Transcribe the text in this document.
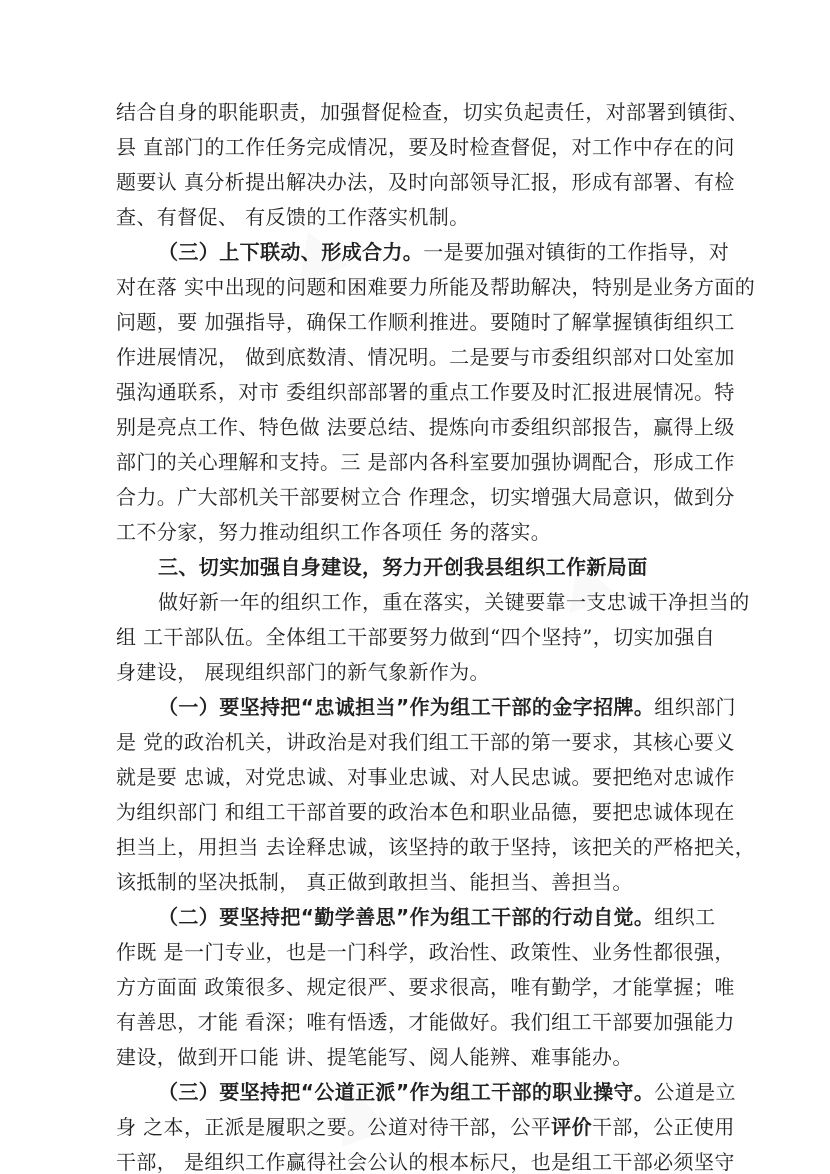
结合自身的职能职责，加强督促检查，切实负起责任，对部署到镇街、
县 直部门的工作任务完成情况，要及时检查督促，对工作中存在的问
题要认 真分析提出解决办法，及时向部领导汇报，形成有部署、有检
查、有督促、 有反馈的工作落实机制。
（三）上下联动、形成合力。一是要加强对镇街的工作指导，对
对在落 实中出现的问题和困难要力所能及帮助解决，特别是业务方面的
问题，要 加强指导，确保工作顺利推进。要随时了解掌握镇街组织工
作进展情况， 做到底数清、情况明。二是要与市委组织部对口处室加
强沟通联系，对市 委组织部部署的重点工作要及时汇报进展情况。特
别是亮点工作、特色做 法要总结、提炼向市委组织部报告，赢得上级
部门的关心理解和支持。三 是部内各科室要加强协调配合，形成工作
合力。广大部机关干部要树立合 作理念，切实增强大局意识，做到分
工不分家，努力推动组织工作各项任 务的落实。
三、切实加强自身建设，努力开创我县组织工作新局面
做好新一年的组织工作，重在落实，关键要靠一支忠诚干净担当的
组 工干部队伍。全体组工干部要努力做到“四个坚持”，切实加强自
身建设， 展现组织部门的新气象新作为。
（一）要坚持把“忠诚担当”作为组工干部的金字招牌。组织部门
是 党的政治机关，讲政治是对我们组工干部的第一要求，其核心要义
就是要 忠诚，对党忠诚、对事业忠诚、对人民忠诚。要把绝对忠诚作
为组织部门 和组工干部首要的政治本色和职业品德，要把忠诚体现在
担当上，用担当 去诠释忠诚，该坚持的敢于坚持，该把关的严格把关，
该抵制的坚决抵制， 真正做到敢担当、能担当、善担当。
（二）要坚持把“勤学善思”作为组工干部的行动自觉。组织工
作既 是一门专业，也是一门科学，政治性、政策性、业务性都很强，
方方面面 政策很多、规定很严、要求很高，唯有勤学，才能掌握；唯
有善思，才能 看深；唯有悟透，才能做好。我们组工干部要加强能力
建设，做到开口能 讲、提笔能写、阅人能辨、难事能办。
（三）要坚持把“公道正派”作为组工干部的职业操守。公道是立
身 之本，正派是履职之要。公道对待干部，公平评价干部，公正使用
干部， 是组织工作赢得社会公认的根本标尺，也是组工干部必须坚守
